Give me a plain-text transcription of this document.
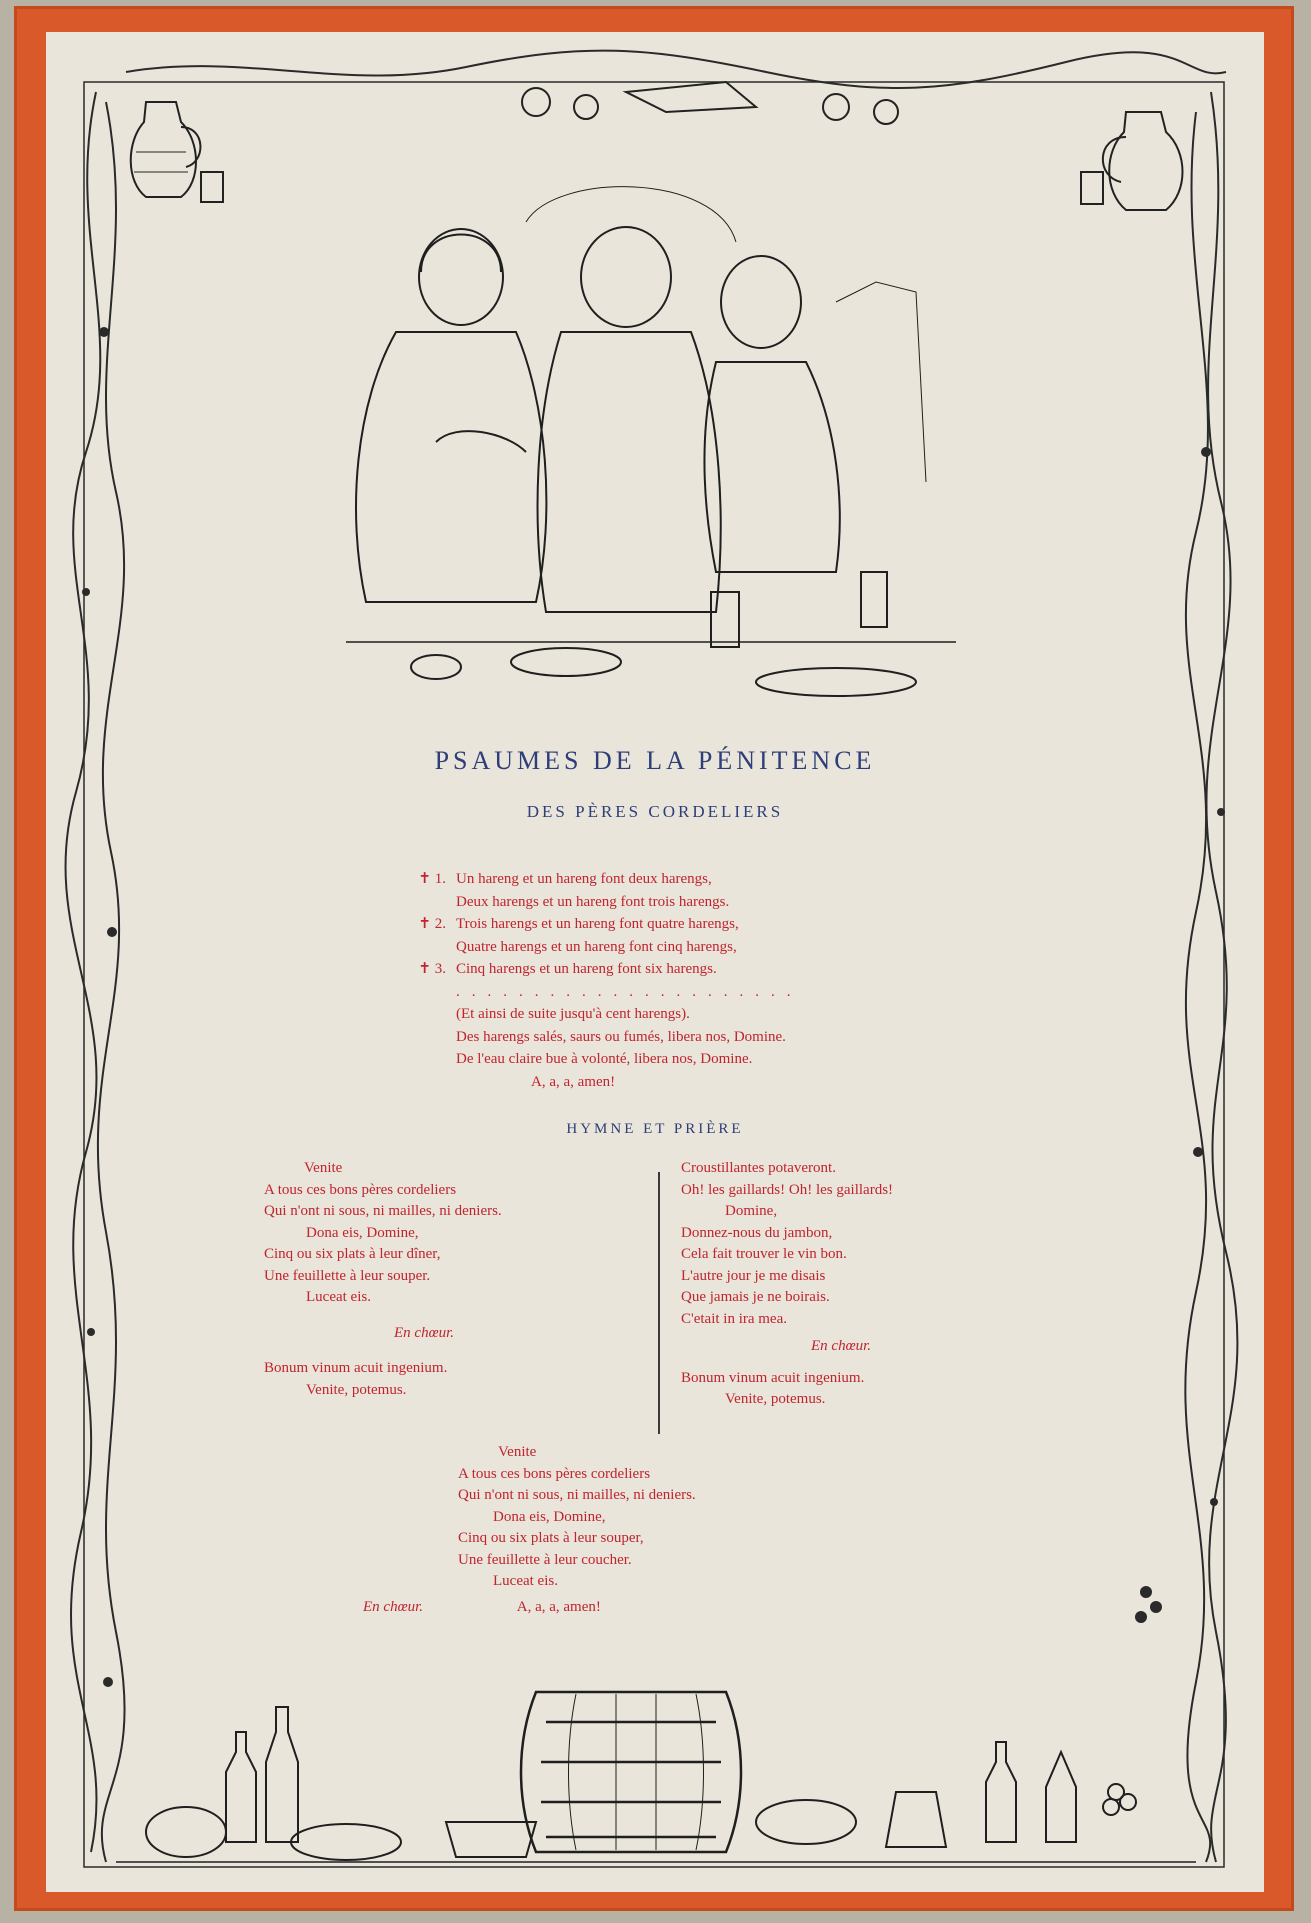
PSAUMES DE LA PÉNITENCE
DES PÈRES CORDELIERS
✝ 1. Un hareng et un hareng font deux harengs,
Deux harengs et un hareng font trois harengs.
✝ 2. Trois harengs et un hareng font quatre harengs,
Quatre harengs et un hareng font cinq harengs,
✝ 3. Cinq harengs et un hareng font six harengs.
......................
(Et ainsi de suite jusqu'à cent harengs).
Des harengs salés, saurs ou fumés, libera nos, Domine.
De l'eau claire bue à volonté, libera nos, Domine.
A, a, a, amen!
HYMNE ET PRIÈRE
Venite
A tous ces bons pères cordeliers
Qui n'ont ni sous, ni mailles, ni deniers.
Dona eis, Domine,
Cinq ou six plats à leur dîner,
Une feuillette à leur souper.
Luceat eis.
En chœur.
Bonum vinum acuit ingenium.
Venite, potemus.
Croustillantes potaveront.
Oh! les gaillards! Oh! les gaillards!
Domine,
Donnez-nous du jambon,
Cela fait trouver le vin bon.
L'autre jour je me disais
Que jamais je ne boirais.
C'etait in ira mea.
En chœur.
Bonum vinum acuit ingenium.
Venite, potemus.
Venite
A tous ces bons pères cordeliers
Qui n'ont ni sous, ni mailles, ni deniers.
Dona eis, Domine,
Cinq ou six plats à leur souper,
Une feuillette à leur coucher.
Luceat eis.
En chœur.	A, a, a, amen!
